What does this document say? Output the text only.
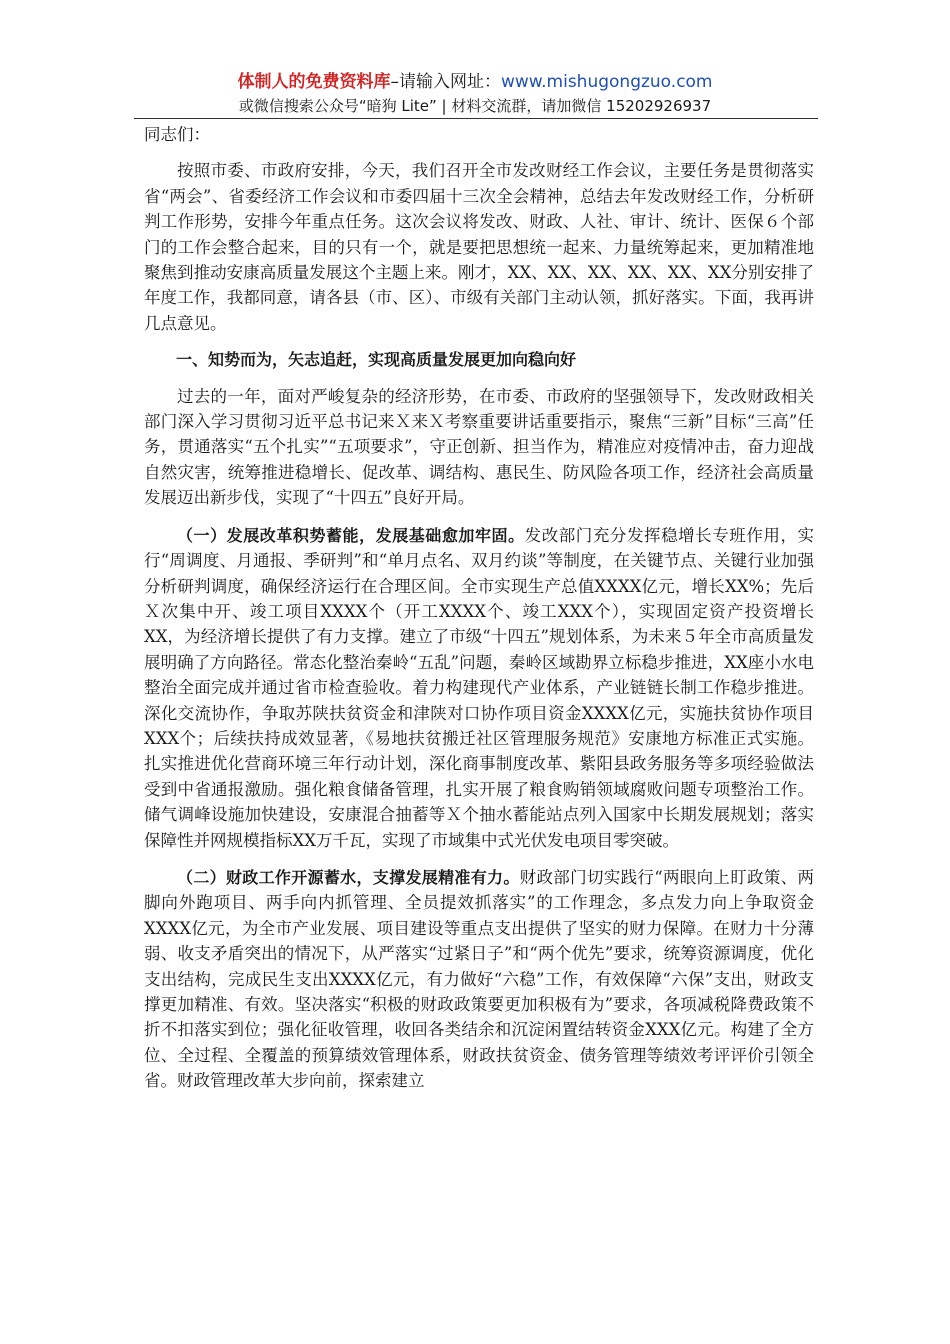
体制人的免费资料库–请输入网址：www.mishugongzuo.com
或微信搜索公众号“暗狗 Lite” | 材料交流群，请加微信 15202926937

同志们：

按照市委、市政府安排，今天，我们召开全市发改财经工作会议，主要任务是贯彻落实省“两会”、省委经济工作会议和市委四届十三次全会精神，总结去年发改财经工作，分析研判工作形势，安排今年重点任务。这次会议将发改、财政、人社、审计、统计、医保６个部门的工作会整合起来，目的只有一个，就是要把思想统一起来、力量统筹起来，更加精准地聚焦到推动安康高质量发展这个主题上来。刚才，XX、XX、XX、XX、XX、XX分别安排了年度工作，我都同意，请各县（市、区）、市级有关部门主动认领，抓好落实。下面，我再讲几点意见。

一、知势而为，矢志追赶，实现高质量发展更加向稳向好

过去的一年，面对严峻复杂的经济形势，在市委、市政府的坚强领导下，发改财政相关部门深入学习贯彻习近平总书记来Ｘ来Ｘ考察重要讲话重要指示，聚焦“三新”目标“三高”任务，贯通落实“五个扎实”“五项要求”，守正创新、担当作为，精准应对疫情冲击，奋力迎战自然灾害，统筹推进稳增长、促改革、调结构、惠民生、防风险各项工作，经济社会高质量发展迈出新步伐，实现了“十四五”良好开局。

（一）发展改革积势蓄能，发展基础愈加牢固。发改部门充分发挥稳增长专班作用，实行“周调度、月通报、季研判”和“单月点名、双月约谈”等制度，在关键节点、关键行业加强分析研判调度，确保经济运行在合理区间。全市实现生产总值XXXX亿元，增长XX%；先后Ｘ次集中开、竣工项目XXXX个（开工XXXX个、竣工XXX个），实现固定资产投资增长XX，为经济增长提供了有力支撑。建立了市级“十四五”规划体系，为未来５年全市高质量发展明确了方向路径。常态化整治秦岭“五乱”问题，秦岭区域勘界立标稳步推进，XX座小水电整治全面完成并通过省市检查验收。着力构建现代产业体系，产业链链长制工作稳步推进。深化交流协作，争取苏陕扶贫资金和津陕对口协作项目资金XXXX亿元，实施扶贫协作项目XXX个；后续扶持成效显著，《易地扶贫搬迁社区管理服务规范》安康地方标准正式实施。扎实推进优化营商环境三年行动计划，深化商事制度改革、紫阳县政务服务等多项经验做法受到中省通报激励。强化粮食储备管理，扎实开展了粮食购销领域腐败问题专项整治工作。储气调峰设施加快建设，安康混合抽蓄等Ｘ个抽水蓄能站点列入国家中长期发展规划；落实保障性并网规模指标XX万千瓦，实现了市域集中式光伏发电项目零突破。

（二）财政工作开源蓄水，支撑发展精准有力。财政部门切实践行“两眼向上盯政策、两脚向外跑项目、两手向内抓管理、全员提效抓落实”的工作理念，多点发力向上争取资金XXXX亿元，为全市产业发展、项目建设等重点支出提供了坚实的财力保障。在财力十分薄弱、收支矛盾突出的情况下，从严落实“过紧日子”和“两个优先”要求，统筹资源调度，优化支出结构，完成民生支出XXXX亿元，有力做好“六稳”工作，有效保障“六保”支出，财政支撑更加精准、有效。坚决落实“积极的财政政策要更加积极有为”要求，各项减税降费政策不折不扣落实到位；强化征收管理，收回各类结余和沉淀闲置结转资金XXX亿元。构建了全方位、全过程、全覆盖的预算绩效管理体系，财政扶贫资金、债务管理等绩效考评评价引领全省。财政管理改革大步向前，探索建立
